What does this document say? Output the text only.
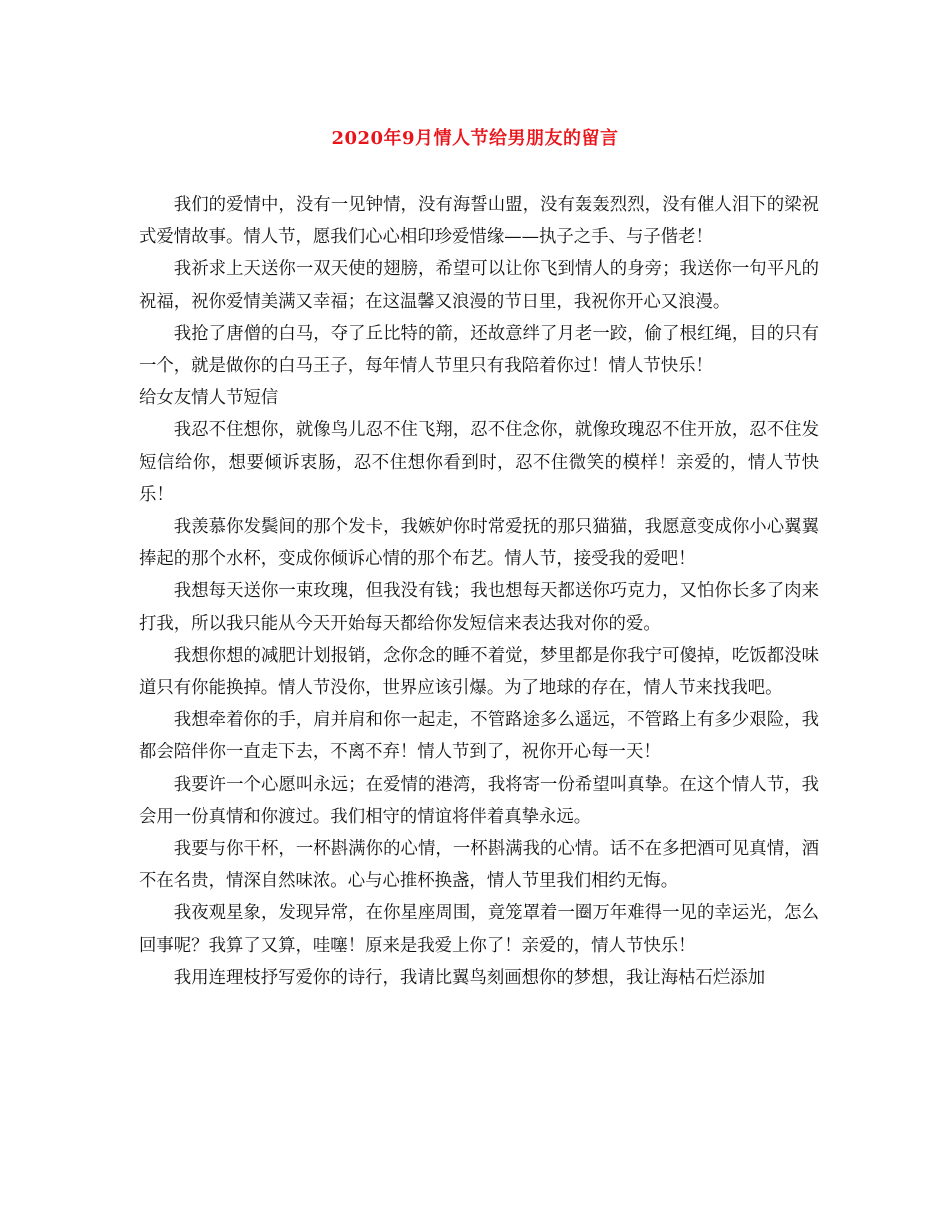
2020年9月情人节给男朋友的留言

我们的爱情中，没有一见钟情，没有海誓山盟，没有轰轰烈烈，没有催人泪下的梁祝式爱情故事。情人节，愿我们心心相印珍爱惜缘——执子之手、与子偕老！

我祈求上天送你一双天使的翅膀，希望可以让你飞到情人的身旁；我送你一句平凡的祝福，祝你爱情美满又幸福；在这温馨又浪漫的节日里，我祝你开心又浪漫。

我抢了唐僧的白马，夺了丘比特的箭，还故意绊了月老一跤，偷了根红绳，目的只有一个，就是做你的白马王子，每年情人节里只有我陪着你过！情人节快乐！

给女友情人节短信

我忍不住想你，就像鸟儿忍不住飞翔，忍不住念你，就像玫瑰忍不住开放，忍不住发短信给你，想要倾诉衷肠，忍不住想你看到时，忍不住微笑的模样！亲爱的，情人节快乐！

我羡慕你发鬓间的那个发卡，我嫉妒你时常爱抚的那只猫猫，我愿意变成你小心翼翼捧起的那个水杯，变成你倾诉心情的那个布艺。情人节，接受我的爱吧！

我想每天送你一束玫瑰，但我没有钱；我也想每天都送你巧克力，又怕你长多了肉来打我，所以我只能从今天开始每天都给你发短信来表达我对你的爱。

我想你想的减肥计划报销，念你念的睡不着觉，梦里都是你我宁可傻掉，吃饭都没味道只有你能换掉。情人节没你，世界应该引爆。为了地球的存在，情人节来找我吧。

我想牵着你的手，肩并肩和你一起走，不管路途多么遥远，不管路上有多少艰险，我都会陪伴你一直走下去，不离不弃！情人节到了，祝你开心每一天！

我要许一个心愿叫永远；在爱情的港湾，我将寄一份希望叫真挚。在这个情人节，我会用一份真情和你渡过。我们相守的情谊将伴着真挚永远。

我要与你干杯，一杯斟满你的心情，一杯斟满我的心情。话不在多把酒可见真情，酒不在名贵，情深自然味浓。心与心推杯换盏，情人节里我们相约无悔。

我夜观星象，发现异常，在你星座周围，竟笼罩着一圈万年难得一见的幸运光，怎么回事呢？我算了又算，哇噻！原来是我爱上你了！亲爱的，情人节快乐！

我用连理枝抒写爱你的诗行，我请比翼鸟刻画想你的梦想，我让海枯石烂添加
